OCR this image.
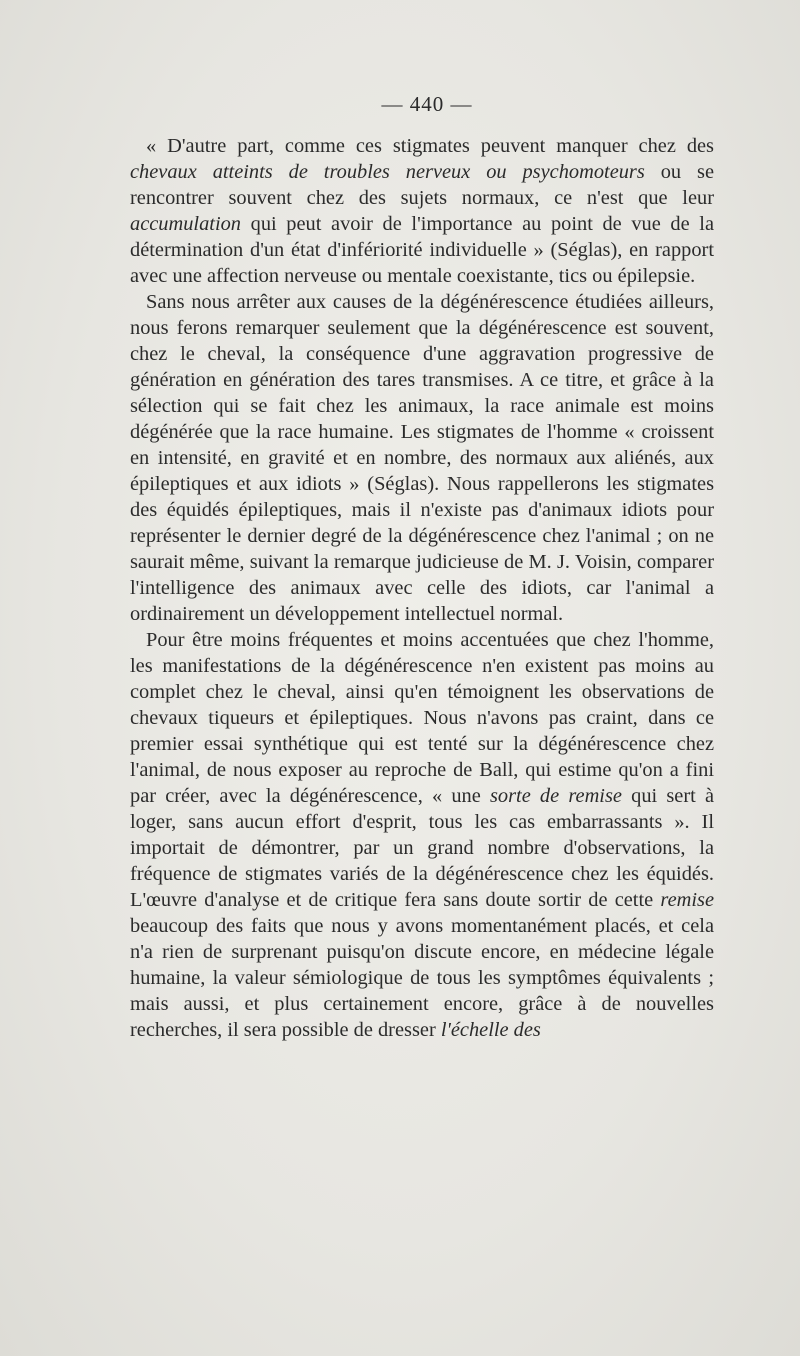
— 440 —

« D'autre part, comme ces stigmates peuvent manquer chez des chevaux atteints de troubles nerveux ou psychomoteurs ou se rencontrer souvent chez des sujets normaux, ce n'est que leur accumulation qui peut avoir de l'importance au point de vue de la détermination d'un état d'infériorité individuelle » (Séglas), en rapport avec une affection nerveuse ou mentale coexistante, tics ou épilepsie.

Sans nous arrêter aux causes de la dégénérescence étudiées ailleurs, nous ferons remarquer seulement que la dégénérescence est souvent, chez le cheval, la conséquence d'une aggravation progressive de génération en génération des tares transmises. A ce titre, et grâce à la sélection qui se fait chez les animaux, la race animale est moins dégénérée que la race humaine. Les stigmates de l'homme « croissent en intensité, en gravité et en nombre, des normaux aux aliénés, aux épileptiques et aux idiots » (Séglas). Nous rappellerons les stigmates des équidés épileptiques, mais il n'existe pas d'animaux idiots pour représenter le dernier degré de la dégénérescence chez l'animal ; on ne saurait même, suivant la remarque judicieuse de M. J. Voisin, comparer l'intelligence des animaux avec celle des idiots, car l'animal a ordinairement un développement intellectuel normal.

Pour être moins fréquentes et moins accentuées que chez l'homme, les manifestations de la dégénérescence n'en existent pas moins au complet chez le cheval, ainsi qu'en témoignent les observations de chevaux tiqueurs et épileptiques. Nous n'avons pas craint, dans ce premier essai synthétique qui est tenté sur la dégénérescence chez l'animal, de nous exposer au reproche de Ball, qui estime qu'on a fini par créer, avec la dégénérescence, « une sorte de remise qui sert à loger, sans aucun effort d'esprit, tous les cas embarrassants ». Il importait de démontrer, par un grand nombre d'observations, la fréquence de stigmates variés de la dégénérescence chez les équidés. L'œuvre d'analyse et de critique fera sans doute sortir de cette remise beaucoup des faits que nous y avons momentanément placés, et cela n'a rien de surprenant puisqu'on discute encore, en médecine légale humaine, la valeur sémiologique de tous les symptômes équivalents ; mais aussi, et plus certainement encore, grâce à de nouvelles recherches, il sera possible de dresser l'échelle des
